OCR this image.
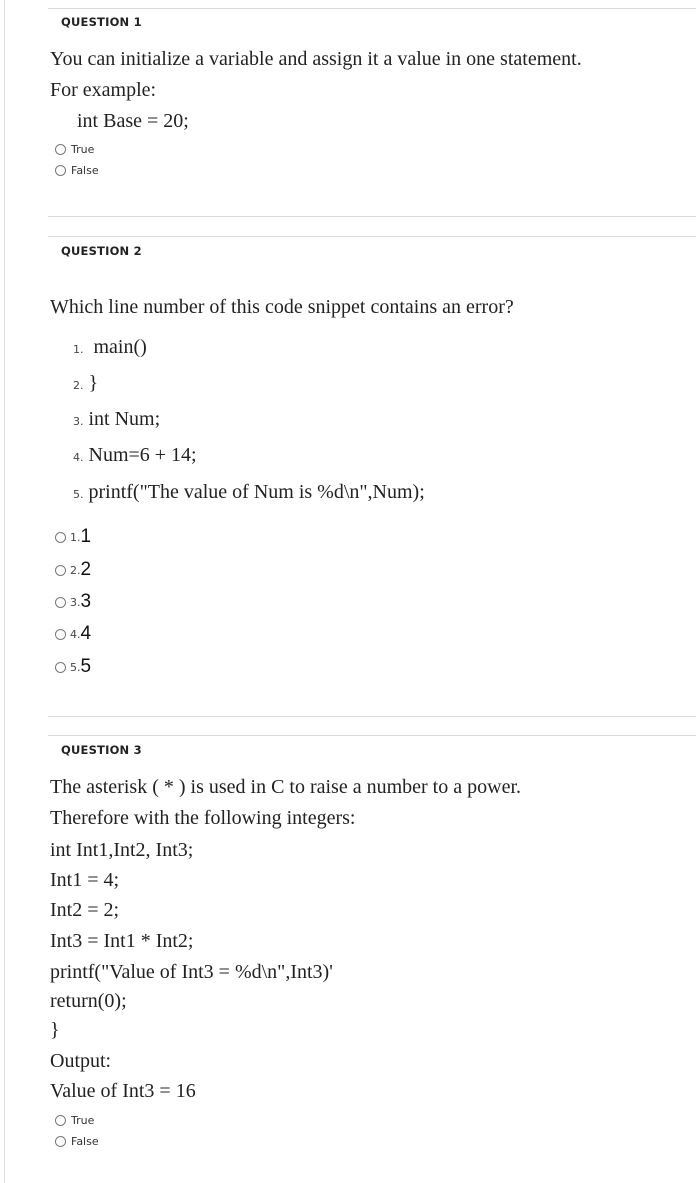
QUESTION 1
You can initialize a variable and assign it a value in one statement.
For example:
int Base = 20;
True
False
QUESTION 2
Which line number of this code snippet contains an error?
1. main()
2. }
3. int Num;
4. Num=6 + 14;
5. printf("The value of Num is %d\n",Num);
1. 1
2. 2
3. 3
4. 4
5. 5
QUESTION 3
The asterisk ( * ) is used in C to raise a number to a power.
Therefore with the following integers:
int Int1,Int2, Int3;
Int1 = 4;
Int2 = 2;
Int3 = Int1 * Int2;
printf("Value of Int3 = %d\n",Int3)'
return(0);
}
Output:
Value of Int3 = 16
True
False
